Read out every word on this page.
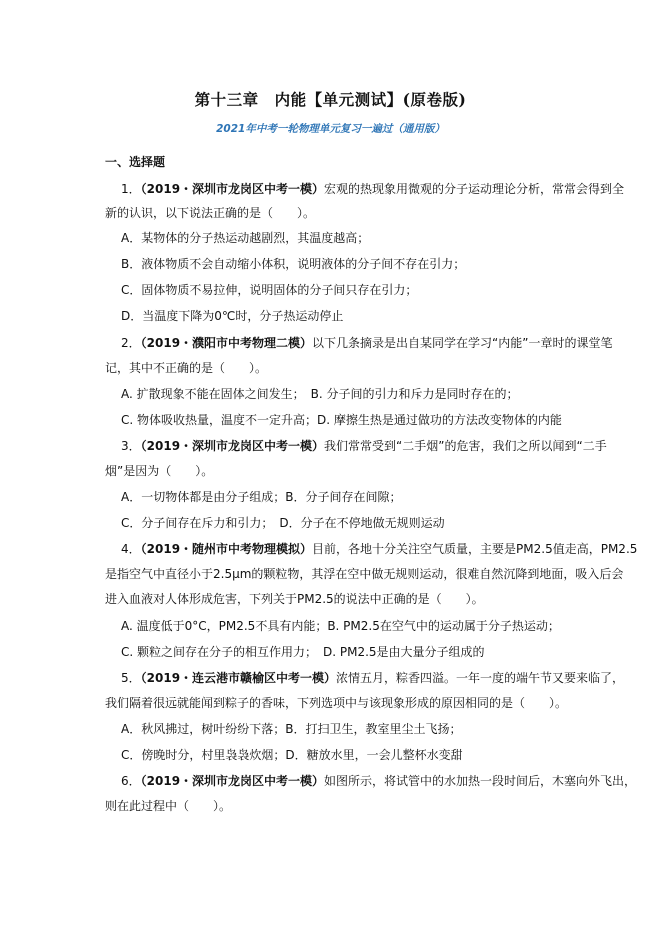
第十三章　内能【单元测试】(原卷版)
2021年中考一轮物理单元复习一遍过（通用版）
一、选择题
1．（2019・深圳市龙岗区中考一模）宏观的热现象用微观的分子运动理论分析，常常会得到全
新的认识，以下说法正确的是（　　）。
A．某物体的分子热运动越剧烈，其温度越高；
B．液体物质不会自动缩小体积，说明液体的分子间不存在引力；
C．固体物质不易拉伸，说明固体的分子间只存在引力；
D．当温度下降为0℃时，分子热运动停止
2．（2019・濮阳市中考物理二模）以下几条摘录是出自某同学在学习“内能”一章时的课堂笔
记，其中不正确的是（　　）。
A. 扩散现象不能在固体之间发生；　B. 分子间的引力和斥力是同时存在的；
C. 物体吸收热量，温度不一定升高；D. 摩擦生热是通过做功的方法改变物体的内能
3．（2019・深圳市龙岗区中考一模）我们常常受到“二手烟”的危害，我们之所以闻到“二手
烟”是因为（　　）。
A．一切物体都是由分子组成；B．分子间存在间隙；
C．分子间存在斥力和引力；　D．分子在不停地做无规则运动
4．（2019・随州市中考物理模拟）目前，各地十分关注空气质量，主要是PM2.5值走高，PM2.5
是指空气中直径小于2.5μm的颗粒物，其浮在空中做无规则运动，很难自然沉降到地面，吸入后会
进入血液对人体形成危害，下列关于PM2.5的说法中正确的是（　　）。
A. 温度低于0°C，PM2.5不具有内能；B. PM2.5在空气中的运动属于分子热运动；
C. 颗粒之间存在分子的相互作用力；　D. PM2.5是由大量分子组成的
5．（2019・连云港市赣榆区中考一模）浓情五月，粽香四溢。一年一度的端午节又要来临了，
我们隔着很远就能闻到粽子的香味，下列选项中与该现象形成的原因相同的是（　　）。
A．秋风拂过，树叶纷纷下落；B．打扫卫生，教室里尘土飞扬；
C．傍晚时分，村里袅袅炊烟；D．糖放水里，一会儿整杯水变甜
6．（2019・深圳市龙岗区中考一模）如图所示，将试管中的水加热一段时间后，木塞向外飞出，
则在此过程中（　　）。
